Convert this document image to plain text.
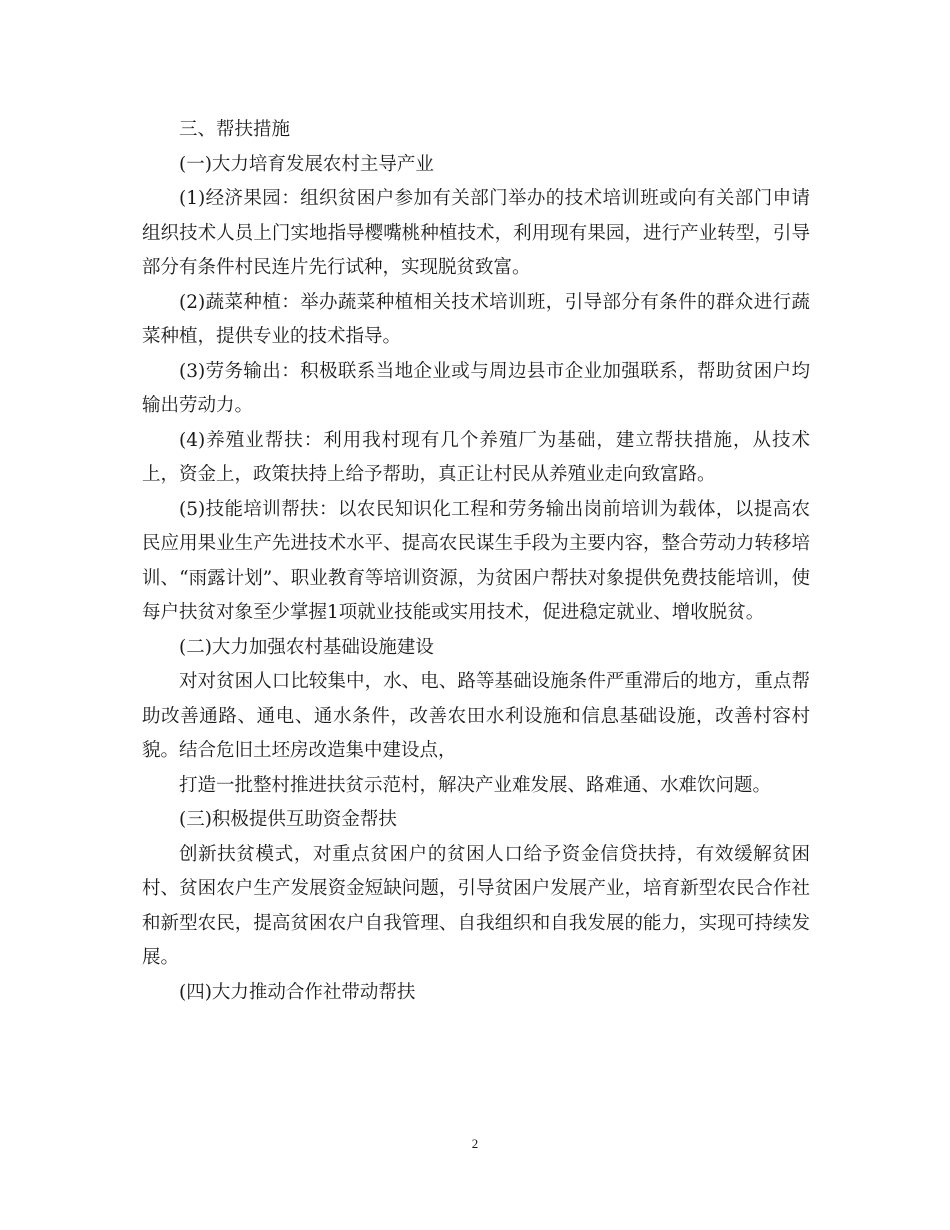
三、帮扶措施

(一)大力培育发展农村主导产业

(1)经济果园：组织贫困户参加有关部门举办的技术培训班或向有关部门申请组织技术人员上门实地指导樱嘴桃种植技术，利用现有果园，进行产业转型，引导部分有条件村民连片先行试种，实现脱贫致富。

(2)蔬菜种植：举办蔬菜种植相关技术培训班，引导部分有条件的群众进行蔬菜种植，提供专业的技术指导。

(3)劳务输出：积极联系当地企业或与周边县市企业加强联系，帮助贫困户均输出劳动力。

(4)养殖业帮扶：利用我村现有几个养殖厂为基础，建立帮扶措施，从技术上，资金上，政策扶持上给予帮助，真正让村民从养殖业走向致富路。

(5)技能培训帮扶：以农民知识化工程和劳务输出岗前培训为载体，以提高农民应用果业生产先进技术水平、提高农民谋生手段为主要内容，整合劳动力转移培训、“雨露计划”、职业教育等培训资源，为贫困户帮扶对象提供免费技能培训，使每户扶贫对象至少掌握1项就业技能或实用技术，促进稳定就业、增收脱贫。

(二)大力加强农村基础设施建设

对对贫困人口比较集中，水、电、路等基础设施条件严重滞后的地方，重点帮助改善通路、通电、通水条件，改善农田水利设施和信息基础设施，改善村容村貌。结合危旧土坯房改造集中建设点，

打造一批整村推进扶贫示范村，解决产业难发展、路难通、水难饮问题。

(三)积极提供互助资金帮扶

创新扶贫模式，对重点贫困户的贫困人口给予资金信贷扶持，有效缓解贫困村、贫困农户生产发展资金短缺问题，引导贫困户发展产业，培育新型农民合作社和新型农民，提高贫困农户自我管理、自我组织和自我发展的能力，实现可持续发展。

(四)大力推动合作社带动帮扶

2
